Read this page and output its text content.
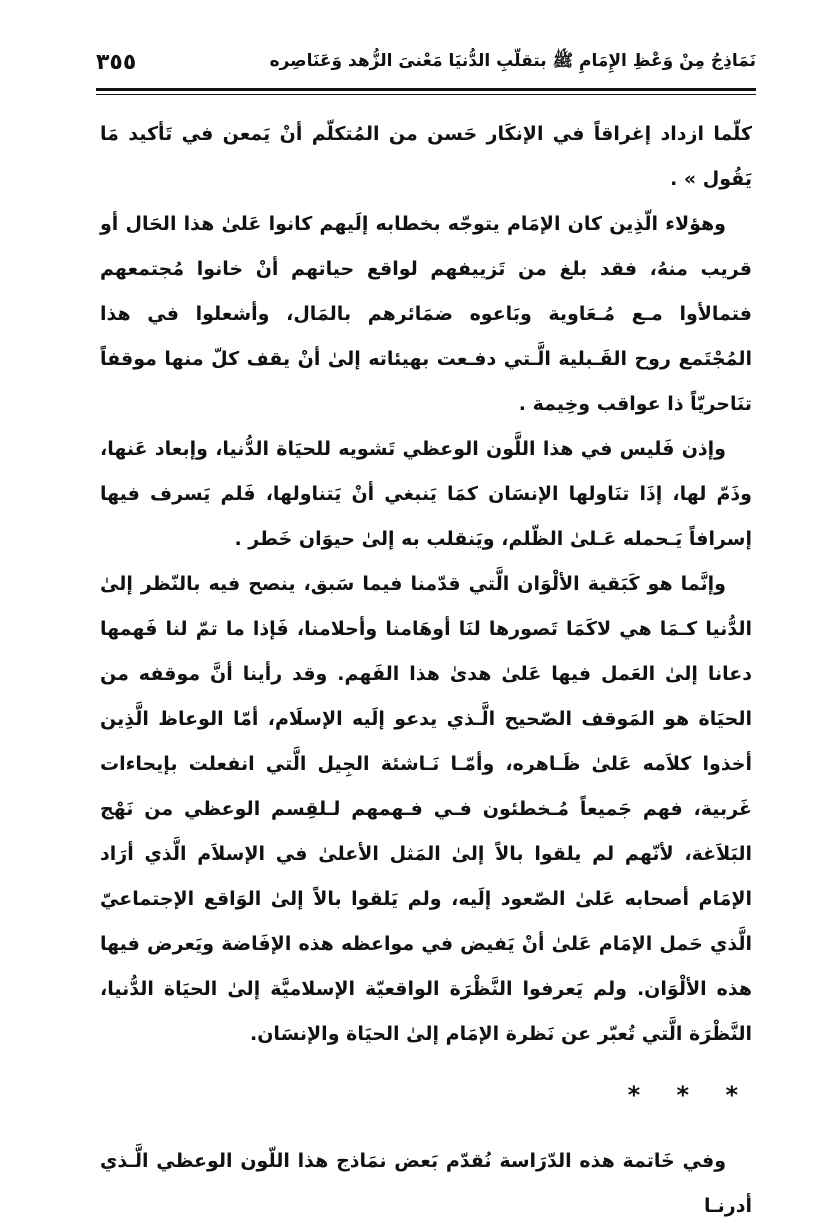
نَمَاذِجُ مِنْ وَعْظِ الإِمَامِ ﷺ بتقلّبِ الدُّنيَا مَعْنىَ الزُّهد وَعَنَاصِره
٣٥٥

كلّما ازداد إغراقاً في الإنكَار حَسن من المُتكلّم أنْ يَمعن في تَأكيد مَا يَقُول » .

وهؤلاء الّذِين كان الإمَام يتوجّه بخطابه إلَيهم كانوا عَلىٰ هذا الحَال أو قريب منهُ، فقد بلغ من تَزييفهم لواقع حياتهم أنْ خانوا مُجتمعهم فتمالأوا مـع مُـعَاوية وبَاعوه ضمَائرهم بالمَال، وأشعلوا في هذا المُجْتَمع روح القَـبلية الَّـتي دفـعت بهيئاته إلىٰ أنْ يقف كلّ منها موقفاً تنَاحريّاً ذا عواقب وخِيمة .

وإذن فَليس في هذا اللَّون الوعظي تَشويه للحيَاة الدُّنيا، وإبعاد عَنها، وذَمّ لها، إذَا تنَاولها الإنسَان كمَا يَنبغي أنْ يَتناولها، فَلم يَسرف فيها إسرافاً يَـحمله عَـلىٰ الظّلم، ويَنقلب به إلىٰ حيوَان خَطر .

وإنَّما هو كَبَقية الألْوَان الَّتي قدّمنا فيما سَبق، ينصح فيه بالنّظر إلىٰ الدُّنيا كـمَا هي لاكَمَا تَصورها لنَا أوهَامنا وأحلامنا، فَإذا ما تمّ لنا فَهمها دعانا إلىٰ العَمل فيها عَلىٰ هدىٰ هذا الفَهم. وقد رأينا أنَّ موقفه من الحيَاة هو المَوقف الصّحيح الَّـذي يدعو إلَيه الإسلَام، أمّا الوعاظ الَّذِين أخذوا كلاَمه عَلىٰ ظَـاهره، وأمّـا نَـاشئة الجِيل الَّتي انفعلت بإيحاءات غَربية، فهم جَميعاً مُـخطئون فـي فـهمهم لـلقِسم الوعظي من نَهْج البَلاَغة، لأنّهم لم يلقوا بالاً إلىٰ المَثل الأعلىٰ في الإسلاَم الَّذي أرَاد الإمَام أصحابه عَلىٰ الصّعود إلَيه، ولم يَلقوا بالاً إلىٰ الوَاقع الإجتماعيّ الَّذي حَمل الإمَام عَلىٰ أنْ يَفيض في مواعظه هذه الإفَاضة ويَعرض فيها هذه الألْوَان. ولم يَعرفوا النَّظْرَة الواقعيّة الإسلاميَّة إلىٰ الحيَاة الدُّنيا، النَّظْرَة الَّتي تُعبّر عن نَظرة الإمَام إلىٰ الحيَاة والإنسَان.

* * *

وفي خَاتمة هذه الدّرَاسة نُقدّم بَعض نمَاذج هذا اللّون الوعظي الَّـذي أدرنـا
